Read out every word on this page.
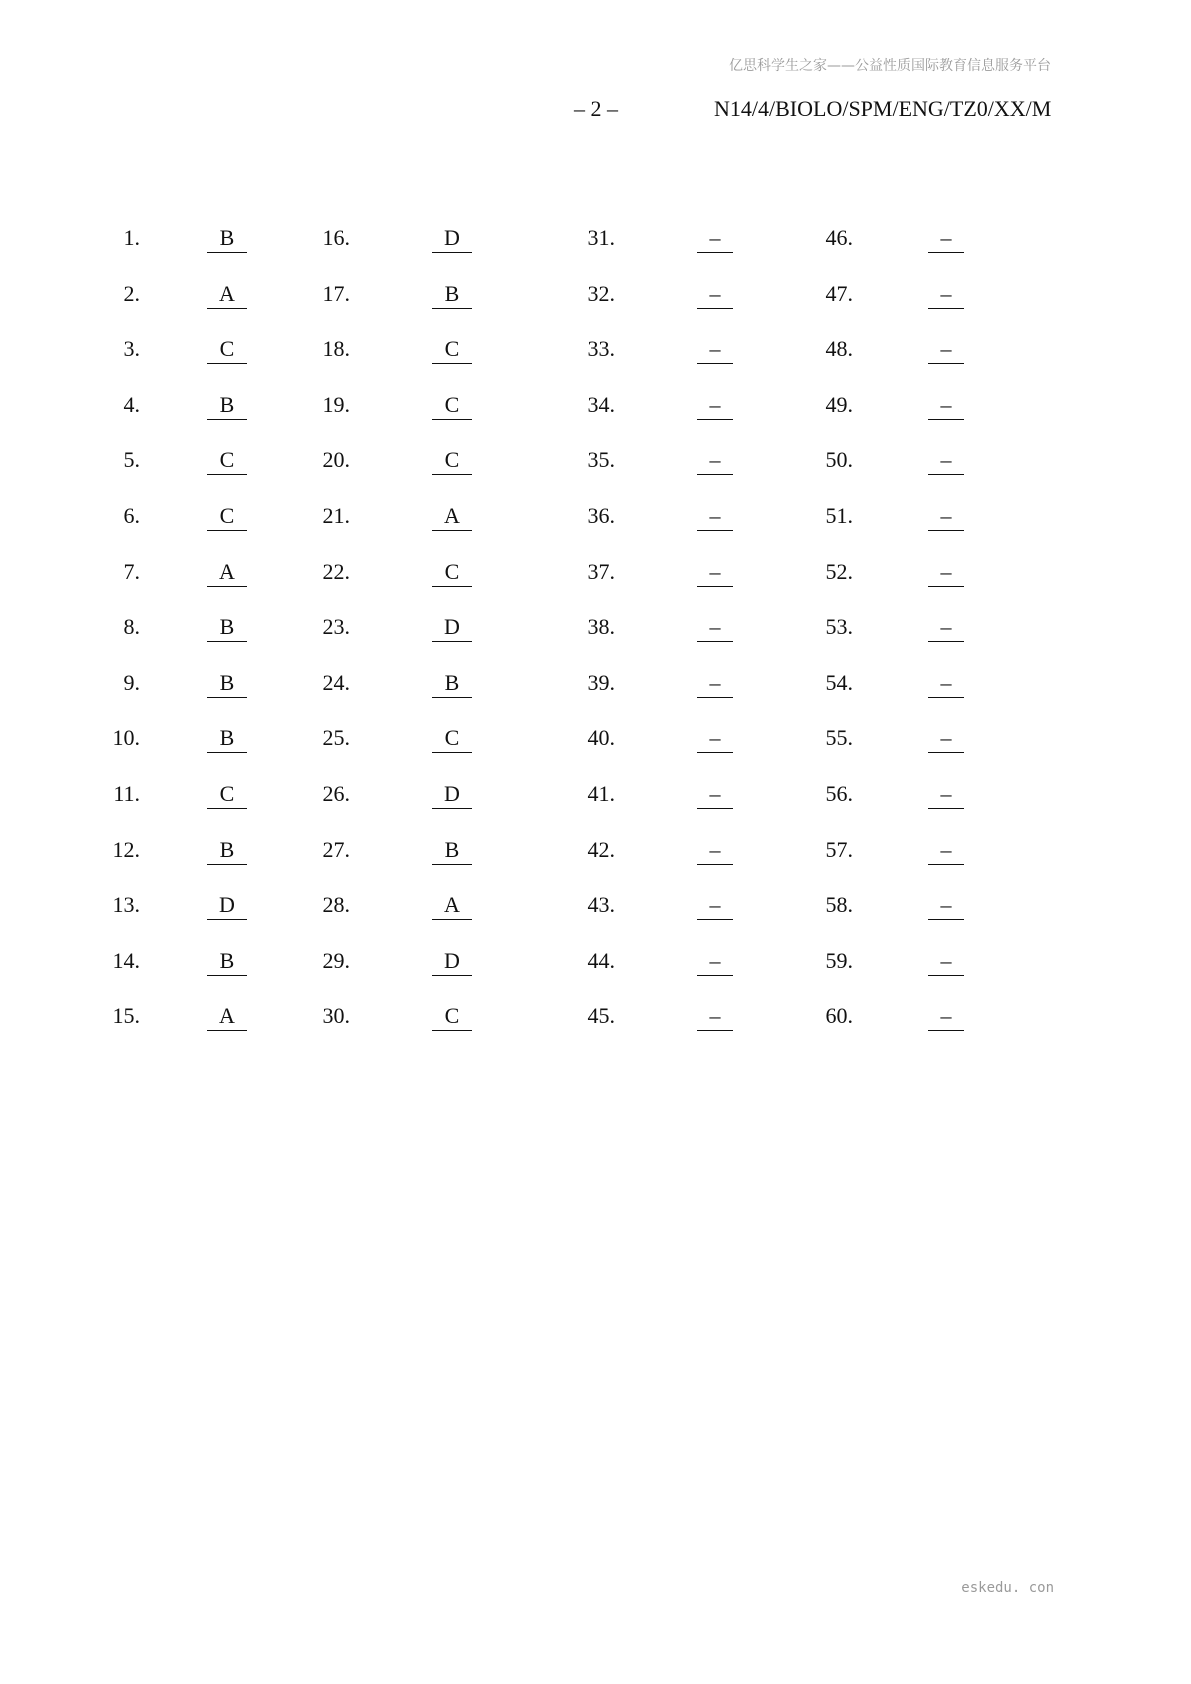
亿思科学生之家——公益性质国际教育信息服务平台
– 2 –	N14/4/BIOLO/SPM/ENG/TZ0/XX/M
1.	B
2.	A
3.	C
4.	B
5.	C
6.	C
7.	A
8.	B
9.	B
10.	B
11.	C
12.	B
13.	D
14.	B
15.	A
16.	D
17.	B
18.	C
19.	C
20.	C
21.	A
22.	C
23.	D
24.	B
25.	C
26.	D
27.	B
28.	A
29.	D
30.	C
31.	–
32.	–
33.	–
34.	–
35.	–
36.	–
37.	–
38.	–
39.	–
40.	–
41.	–
42.	–
43.	–
44.	–
45.	–
46.	–
47.	–
48.	–
49.	–
50.	–
51.	–
52.	–
53.	–
54.	–
55.	–
56.	–
57.	–
58.	–
59.	–
60.	–
eskedu. con
